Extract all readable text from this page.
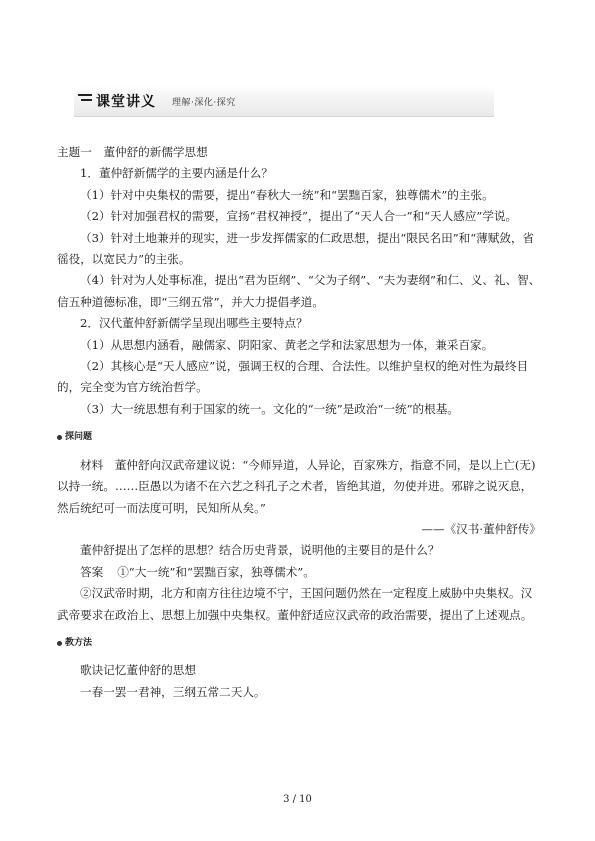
课堂讲义 理解·深化·探究

主题一　董仲舒的新儒学思想

1．董仲舒新儒学的主要内涵是什么？

（1）针对中央集权的需要，提出“春秋大一统”和“罢黜百家，独尊儒术”的主张。

（2）针对加强君权的需要，宣扬“君权神授”，提出了“天人合一”和“天人感应”学说。

（3）针对土地兼并的现实，进一步发挥儒家的仁政思想，提出“限民名田”和“薄赋敛，省徭役，以宽民力”的主张。

（4）针对为人处事标准，提出“君为臣纲”、“父为子纲”、“夫为妻纲”和仁、义、礼、智、信五种道德标准，即“三纲五常”，并大力提倡孝道。

2．汉代董仲舒新儒学呈现出哪些主要特点？

（1）从思想内涵看，融儒家、阴阳家、黄老之学和法家思想为一体，兼采百家。

（2）其核心是“天人感应”说，强调王权的合理、合法性。以维护皇权的绝对性为最终目的，完全变为官方统治哲学。

（3）大一统思想有利于国家的统一。文化的“一统”是政治“一统”的根基。

探问题

材料　董仲舒向汉武帝建议说：“今师异道，人异论，百家殊方，指意不同，是以上亡(无)以持一统。……臣愚以为诸不在六艺之科孔子之术者，皆绝其道，勿使并进。邪辟之说灭息，然后统纪可一而法度可明，民知所从矣。”

——《汉书·董仲舒传》

董仲舒提出了怎样的思想？结合历史背景，说明他的主要目的是什么？

答案 ①“大一统”和“罢黜百家，独尊儒术”。

②汉武帝时期，北方和南方往往边境不宁，王国问题仍然在一定程度上威胁中央集权。汉武帝要求在政治上、思想上加强中央集权。董仲舒适应汉武帝的政治需要，提出了上述观点。

教方法

歌诀记忆董仲舒的思想

一春一罢一君神，三纲五常二天人。

3 / 10
